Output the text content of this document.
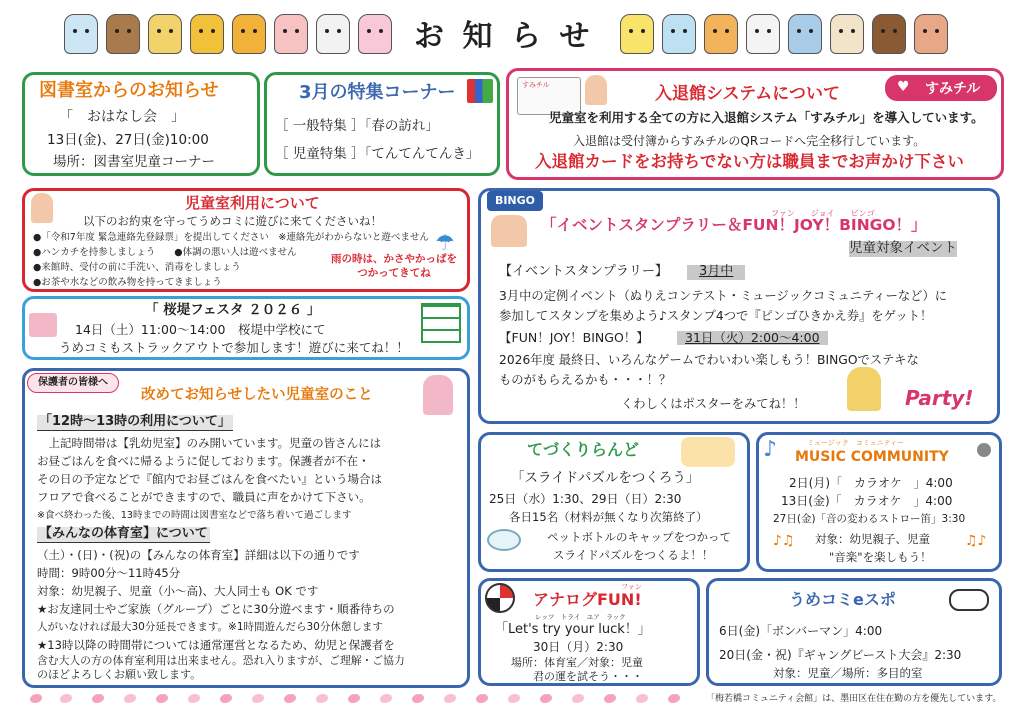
お 知 ら せ
図書室からのお知らせ
「　おはなし会　」
13日(金)、27日(金)10:00
場所：図書室児童コーナー
3月の特集コーナー
［ 一般特集 ］「春の訪れ」
［ 児童特集 ］「てんてんてんき」
すみチル	入退館システムについて	すみチル
♥
児童室を利用する全ての方に入退館システム「すみチル」を導入しています。
入退館は受付簿からすみチルのQRコードへ完全移行しています。
入退館カードをお持ちでない方は職員までお声かけ下さい
児童室利用について
以下のお約束を守ってうめコミに遊びに来てくださいね！
●「令和7年度 緊急連絡先登録票」を提出してください　※連絡先がわからないと遊べません
●ハンカチを持参しましょう　　●体調の悪い人は遊べません
●来館時、受付の前に手洗い、消毒をしましょう
●お茶や水などの飲み物を持ってきましょう
☂
雨の時は、かさやかっぱを
つかってきてね
「 桜堤フェスタ ２０２６ 」
14日（土）11:00～14:00　桜堤中学校にて
うめコミもストラックアウトで参加します！遊びに来てね！！
BINGO
ファン　　ジョイ　　ビンゴ
「イベントスタンプラリー＆FUN！JOY！BINGO！」
児童対象イベント
【イベントスタンプラリー】	3月中
3月中の定例イベント（ぬりえコンテスト・ミュージックコミュニティーなど）に
参加してスタンプを集めよう♪スタンプ4つで『ピンゴひきかえ券』をゲット！
【FUN！JOY！BINGO！】	31日（火）2:00～4:00
2026年度 最終日、いろんなゲームでわいわい楽しもう！BINGOでステキな
ものがもらえるかも・・・！？
くわしくはポスターをみてね！！	Party!
保護者の皆様へ
改めてお知らせしたい児童室のこと
「12時～13時の利用について」
　上記時間帯は【乳幼児室】のみ開いています。児童の皆さんには
お昼ごはんを食べに帰るように促しております。保護者が不在・
その日の予定などで『館内でお昼ごはんを食べたい』という場合は
フロアで食べることができますので、職員に声をかけて下さい。
※食べ終わった後、13時までの時間は図書室などで落ち着いて過ごします
【みんなの体育室】について
（土）・(日)・(祝)の【みんなの体育室】詳細は以下の通りです
時間：9時00分～11時45分
対象：幼児親子、児童（小～高)、大人同士も OK です
★お友達同士やご家族（グループ）ごとに30分遊べます・順番待ちの
人がいなければ最大30分延長できます。※1時間遊んだら30分休憩します
★13時以降の時間帯については通常運営となるため、幼児と保護者を
含む大人の方の体育室利用は出来ません。恐れ入りますが、ご理解・ご協力
のほどよろしくお願い致します。
てづくりらんど
「スライドパズルをつくろう」
25日（水）1:30、29日（日）2:30
各日15名（材料が無くなり次第終了）
ペットボトルのキャップをつかって
スライドパズルをつくるよ！！
♪	ミュージック　コミュニティー
MUSIC COMMUNITY
2日(月)「　カラオケ　」4:00
13日(金)「　カラオケ　」4:00
27日(金)「音の変わるストロー笛」3:30
♪♫ 対象：幼児親子、児童
"音楽"を楽しもう！
♫♪
ファン
アナログFUN!
レッツ　トライ　ユア　ラック
「Let's try your luck！」
30日（月）2:30
場所：体育室／対象：児童
君の運を試そう・・・
うめコミeスポ
6日(金)「ボンバーマン」4:00
20日(金・祝)『ギャングビースト大会』2:30
対象：児童／場所：多目的室
「梅若橋コミュニティ会館」は、墨田区在住在勤の方を優先しています。
